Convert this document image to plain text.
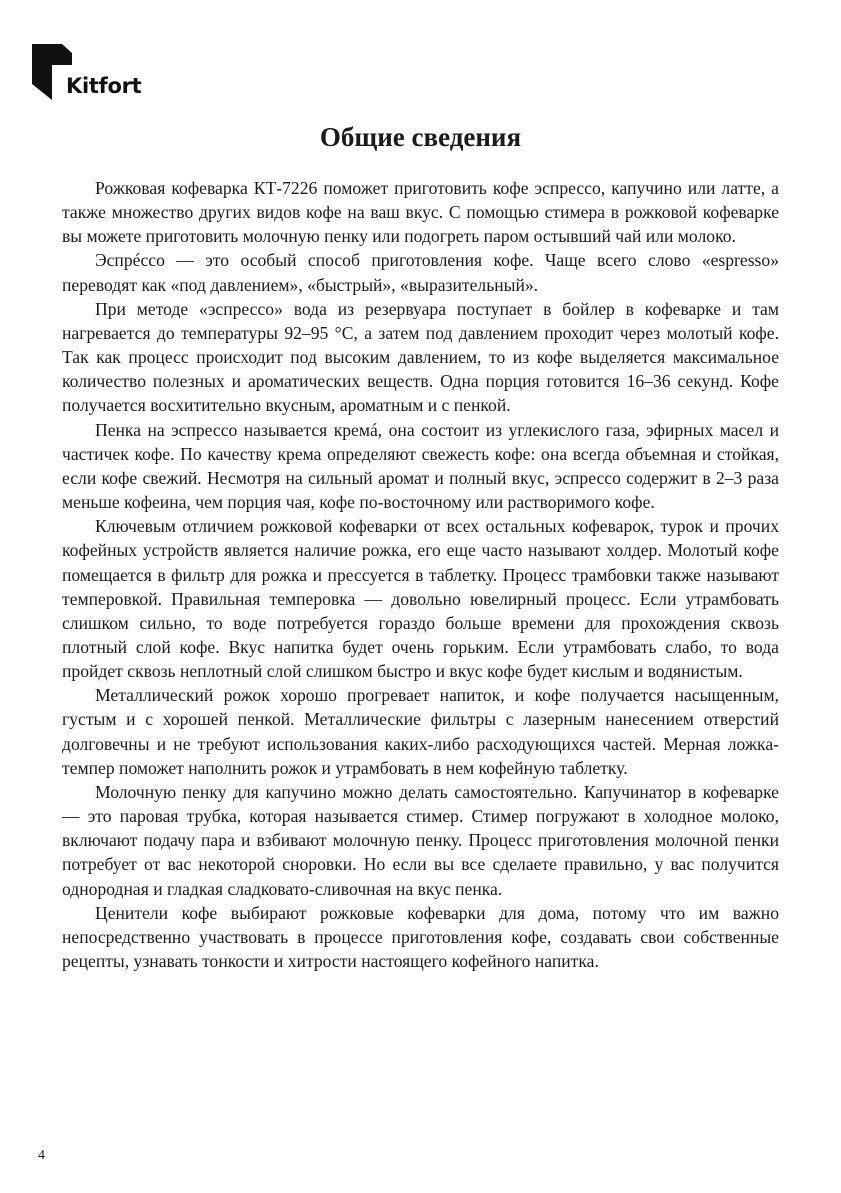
Kitfort
Общие сведения

Рожковая кофеварка КТ-7226 поможет приготовить кофе эспрессо, капучино или латте, а также множество других видов кофе на ваш вкус. С помощью стимера в рожковой кофеварке вы можете приготовить молочную пенку или подогреть паром остывший чай или молоко.

Эспрéссо — это особый способ приготовления кофе. Чаще всего слово «espresso» переводят как «под давлением», «быстрый», «выразительный».

При методе «эспрессо» вода из резервуара поступает в бойлер в кофеварке и там нагревается до температуры 92–95 °С, а затем под давлением проходит через молотый кофе. Так как процесс происходит под высоким давлением, то из кофе выделяется максимальное количество полезных и ароматических веществ. Одна порция готовится 16–36 секунд. Кофе получается восхитительно вкусным, ароматным и с пенкой.

Пенка на эспрессо называется кремá, она состоит из углекислого газа, эфирных масел и частичек кофе. По качеству крема определяют свежесть кофе: она всегда объемная и стойкая, если кофе свежий. Несмотря на сильный аромат и полный вкус, эспрессо содержит в 2–3 раза меньше кофеина, чем порция чая, кофе по-восточному или растворимого кофе.

Ключевым отличием рожковой кофеварки от всех остальных кофеварок, турок и прочих кофейных устройств является наличие рожка, его еще часто называют холдер. Молотый кофе помещается в фильтр для рожка и прессуется в таблетку. Процесс трамбовки также называют темперовкой. Правильная темперовка — довольно ювелирный процесс. Если утрамбовать слишком сильно, то воде потребуется гораздо больше времени для прохождения сквозь плотный слой кофе. Вкус напитка будет очень горьким. Если утрамбовать слабо, то вода пройдет сквозь неплотный слой слишком быстро и вкус кофе будет кислым и водянистым.

Металлический рожок хорошо прогревает напиток, и кофе получается насыщенным, густым и с хорошей пенкой. Металлические фильтры с лазерным нанесением отверстий долговечны и не требуют использования каких-либо расходующихся частей. Мерная ложка-темпер поможет наполнить рожок и утрамбовать в нем кофейную таблетку.

Молочную пенку для капучино можно делать самостоятельно. Капучинатор в кофеварке — это паровая трубка, которая называется стимер. Стимер погружают в холодное молоко, включают подачу пара и взбивают молочную пенку. Процесс приготовления молочной пенки потребует от вас некоторой сноровки. Но если вы все сделаете правильно, у вас получится однородная и гладкая сладковато-сливочная на вкус пенка.

Ценители кофе выбирают рожковые кофеварки для дома, потому что им важно непосредственно участвовать в процессе приготовления кофе, создавать свои собственные рецепты, узнавать тонкости и хитрости настоящего кофейного напитка.

4
